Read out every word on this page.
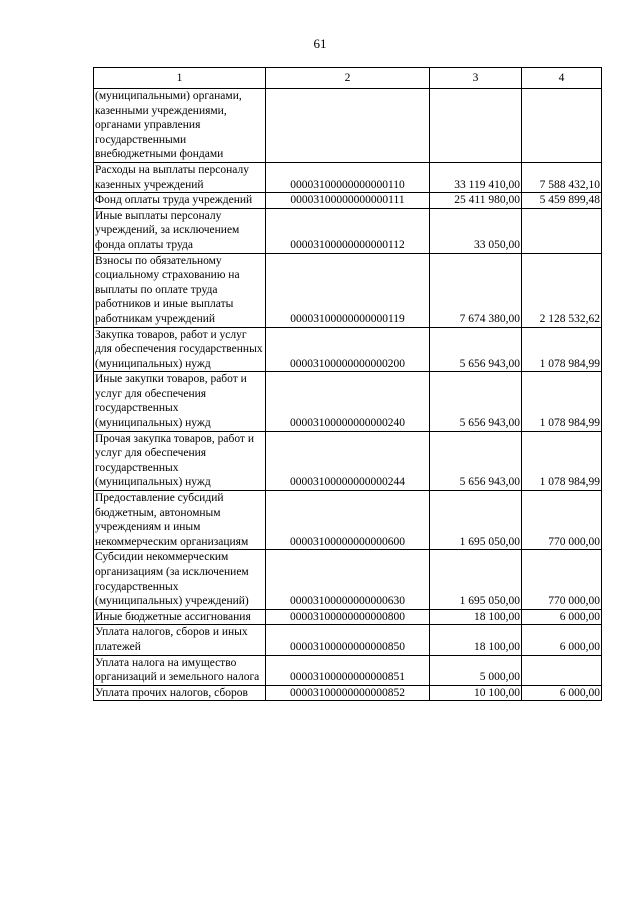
61
1	2	3	4
(муниципальными) органами, казенными учреждениями, органами управления государственными внебюджетными фондами			
Расходы на выплаты персоналу казенных учреждений	00003100000000000110	33 119 410,00	7 588 432,10
Фонд оплаты труда учреждений	00003100000000000111	25 411 980,00	5 459 899,48
Иные выплаты персоналу учреждений, за исключением фонда оплаты труда	00003100000000000112	33 050,00	
Взносы по обязательному социальному страхованию на выплаты по оплате труда работников и иные выплаты работникам учреждений	00003100000000000119	7 674 380,00	2 128 532,62
Закупка товаров, работ и услуг для обеспечения государственных (муниципальных) нужд	00003100000000000200	5 656 943,00	1 078 984,99
Иные закупки товаров, работ и услуг для обеспечения государственных (муниципальных) нужд	00003100000000000240	5 656 943,00	1 078 984,99
Прочая закупка товаров, работ и услуг для обеспечения государственных (муниципальных) нужд	00003100000000000244	5 656 943,00	1 078 984,99
Предоставление субсидий бюджетным, автономным учреждениям и иным некоммерческим организациям	00003100000000000600	1 695 050,00	770 000,00
Субсидии некоммерческим организациям (за исключением государственных (муниципальных) учреждений)	00003100000000000630	1 695 050,00	770 000,00
Иные бюджетные ассигнования	00003100000000000800	18 100,00	6 000,00
Уплата налогов, сборов и иных платежей	00003100000000000850	18 100,00	6 000,00
Уплата налога на имущество организаций и земельного налога	00003100000000000851	5 000,00	
Уплата прочих налогов, сборов	00003100000000000852	10 100,00	6 000,00
